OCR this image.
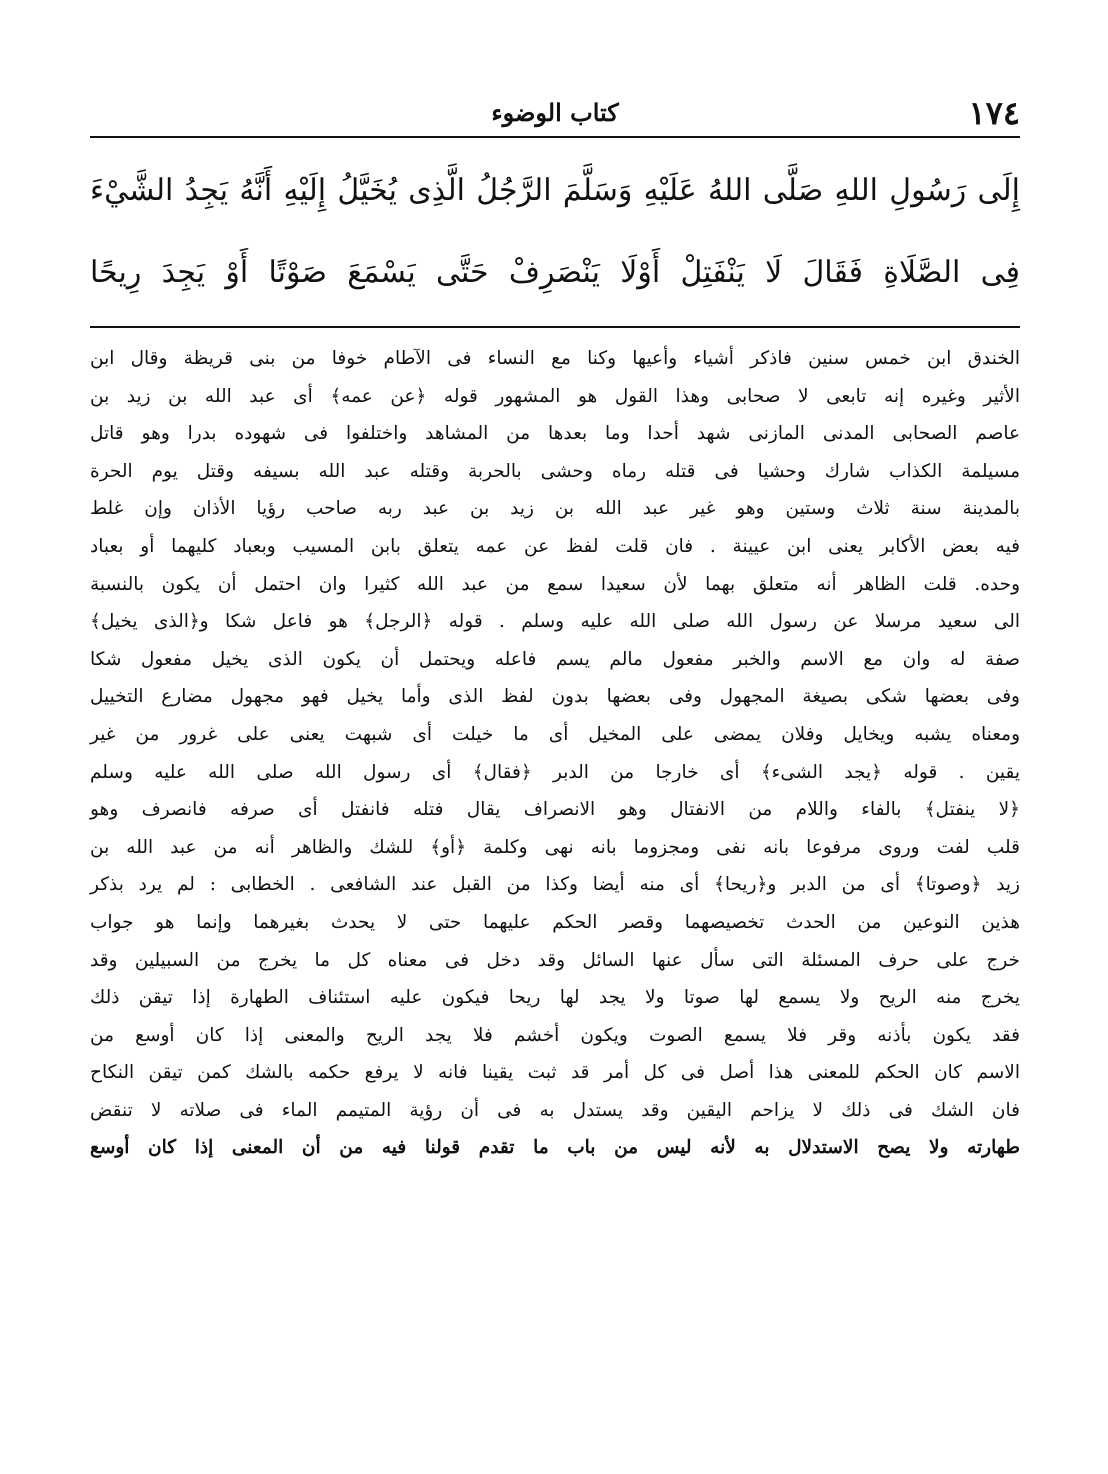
١٧٤
كتاب الوضوء
إِلَى رَسُولِ اللهِ صَلَّى اللهُ عَلَيْهِ وَسَلَّمَ الرَّجُلُ الَّذِى يُخَيَّلُ إِلَيْهِ أَنَّهُ يَجِدُ الشَّيْءَ
فِى الصَّلَاةِ فَقَالَ لَا يَنْفَتِلْ أَوْلَا يَنْصَرِفْ حَتَّى يَسْمَعَ صَوْتًا أَوْ يَجِدَ رِيحًا
الخندق ابن خمس سنين فاذكر أشياء وأعيها وكنا مع النساء فى الآطام خوفا من بنى قريظة وقال ابن
الأثير وغيره إنه تابعى لا صحابى وهذا القول هو المشهور قوله ﴿عن عمه﴾ أى عبد الله بن زيد بن
عاصم الصحابى المدنى المازنى شهد أحدا وما بعدها من المشاهد واختلفوا فى شهوده بدرا وهو قاتل
مسيلمة الكذاب شارك وحشيا فى قتله رماه وحشى بالحربة وقتله عبد الله بسيفه وقتل يوم الحرة
بالمدينة سنة ثلاث وستين وهو غير عبد الله بن زيد بن عبد ربه صاحب رؤيا الأذان وإن غلط
فيه بعض الأكابر يعنى ابن عيينة . فان قلت لفظ عن عمه يتعلق بابن المسيب وبعباد كليهما أو بعباد
وحده. قلت الظاهر أنه متعلق بهما لأن سعيدا سمع من عبد الله كثيرا وان احتمل أن يكون بالنسبة
الى سعيد مرسلا عن رسول الله صلى الله عليه وسلم . قوله ﴿الرجل﴾ هو فاعل شكا و﴿الذى يخيل﴾
صفة له وان مع الاسم والخبر مفعول مالم يسم فاعله ويحتمل أن يكون الذى يخيل مفعول شكا
وفى بعضها شكى بصيغة المجهول وفى بعضها بدون لفظ الذى وأما يخيل فهو مجهول مضارع التخييل
ومعناه يشبه ويخايل وفلان يمضى على المخيل أى ما خيلت أى شبهت يعنى على غرور من غير
يقين . قوله ﴿يجد الشىء﴾ أى خارجا من الدبر ﴿فقال﴾ أى رسول الله صلى الله عليه وسلم
﴿لا ينفتل﴾ بالفاء واللام من الانفتال وهو الانصراف يقال فتله فانفتل أى صرفه فانصرف وهو
قلب لفت وروى مرفوعا بانه نفى ومجزوما بانه نهى وكلمة ﴿أو﴾ للشك والظاهر أنه من عبد الله بن
زيد ﴿وصوتا﴾ أى من الدبر و﴿ريحا﴾ أى منه أيضا وكذا من القبل عند الشافعى . الخطابى : لم يرد بذكر
هذين النوعين من الحدث تخصيصهما وقصر الحكم عليهما حتى لا يحدث بغيرهما وإنما هو جواب
خرج على حرف المسئلة التى سأل عنها السائل وقد دخل فى معناه كل ما يخرج من السبيلين وقد
يخرج منه الريح ولا يسمع لها صوتا ولا يجد لها ريحا فيكون عليه استئناف الطهارة إذا تيقن ذلك
فقد يكون بأذنه وقر فلا يسمع الصوت ويكون أخشم فلا يجد الريح والمعنى إذا كان أوسع من
الاسم كان الحكم للمعنى هذا أصل فى كل أمر قد ثبت يقينا فانه لا يرفع حكمه بالشك كمن تيقن النكاح
فان الشك فى ذلك لا يزاحم اليقين وقد يستدل به فى أن رؤية المتيمم الماء فى صلاته لا تنقض
طهارته ولا يصح الاستدلال به لأنه ليس من باب ما تقدم قولنا فيه من أن المعنى إذا كان أوسع
